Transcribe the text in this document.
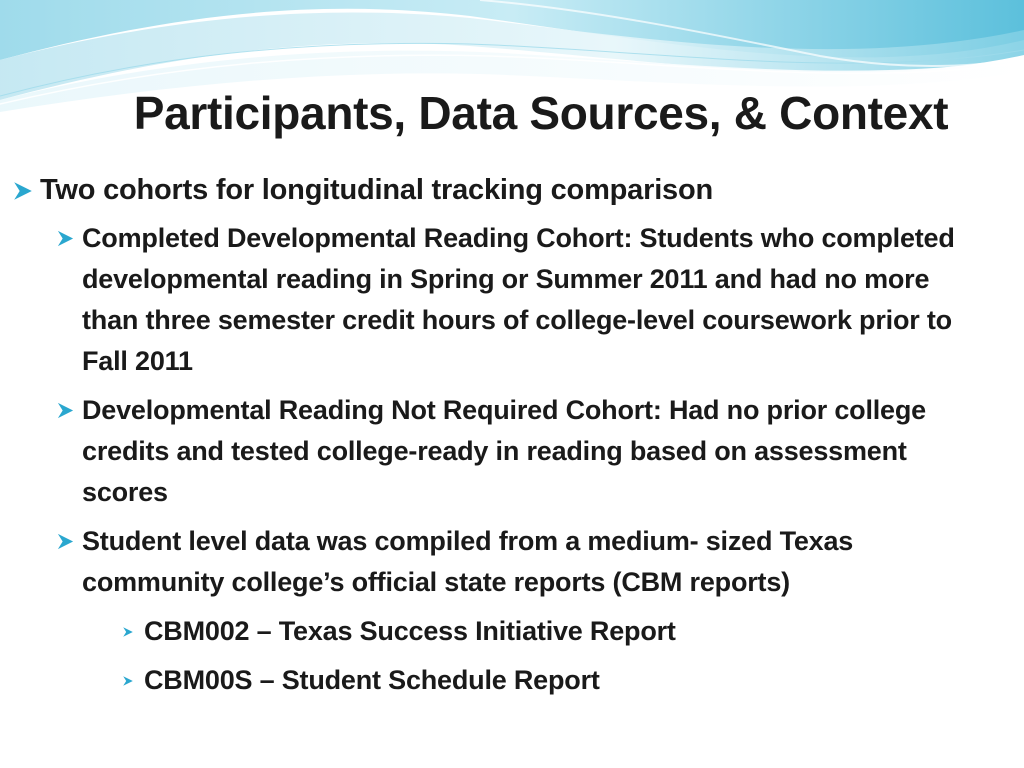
Participants, Data Sources, & Context
Two cohorts for longitudinal tracking comparison
Completed Developmental Reading Cohort: Students who completed developmental reading in Spring or Summer 2011 and had no more than three semester credit hours of college-level coursework prior to Fall 2011
Developmental Reading Not Required Cohort: Had no prior college credits and tested college-ready in reading based on assessment scores
Student level data was compiled from a medium- sized Texas community college’s official state reports (CBM reports)
CBM002 – Texas Success Initiative Report
CBM00S – Student Schedule Report
